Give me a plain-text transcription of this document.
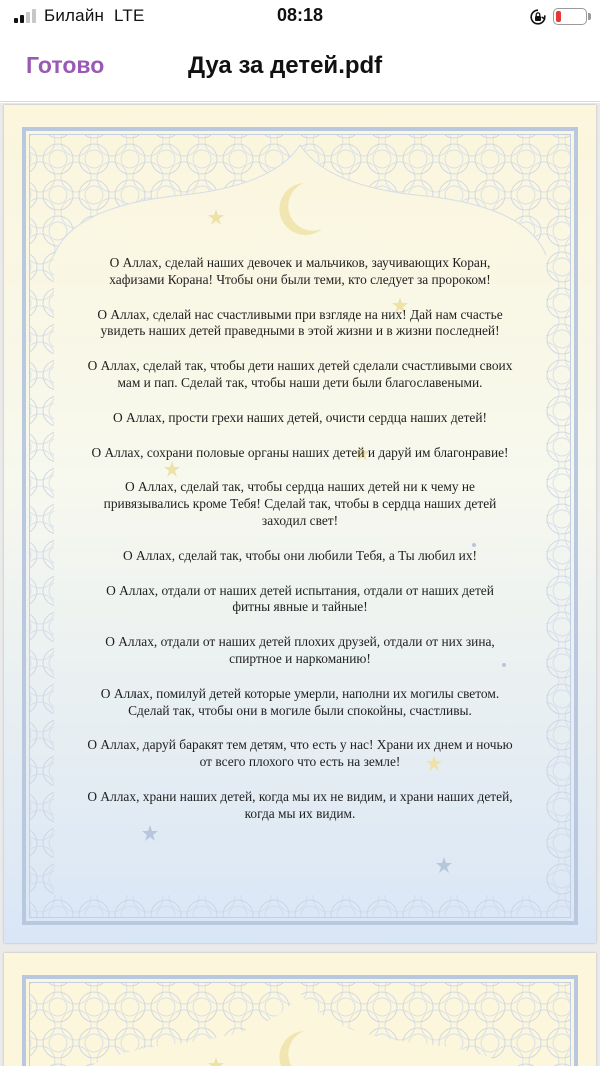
Билайн LTE	08:18
Готово	Дуа за детей.pdf

О Аллах, сделай наших девочек и мальчиков, заучивающих Коран, хафизами Корана! Чтобы они были теми, кто следует за пророком!

О Аллах, сделай нас счастливыми при взгляде на них! Дай нам счастье увидеть наших детей праведными в этой жизни и в жизни последней!

О Аллах, сделай так, чтобы дети наших детей сделали счастливыми своих мам и пап. Сделай так, чтобы наши дети были благославеными.

О Аллах, прости грехи наших детей, очисти сердца наших детей!

О Аллах, сохрани половые органы наших детей и даруй им благонравие!

О Аллах, сделай так, чтобы сердца наших детей ни к чему не привязывались кроме Тебя! Сделай так, чтобы в сердца наших детей заходил свет!

О Аллах, сделай так, чтобы они любили Тебя, а Ты любил их!

О Аллах, отдали от наших детей испытания, отдали от наших детей фитны явные и тайные!

О Аллах, отдали от наших детей плохих друзей, отдали от них зина, спиртное и наркоманию!

О Аллах, помилуй детей которые умерли, наполни их могилы светом. Сделай так, чтобы они в могиле были спокойны, счастливы.

О Аллах, даруй баракят тем детям, что есть у нас! Храни их днем и ночью от всего плохого что есть на земле!

О Аллах, храни наших детей, когда мы их не видим, и храни наших детей, когда мы их видим.
